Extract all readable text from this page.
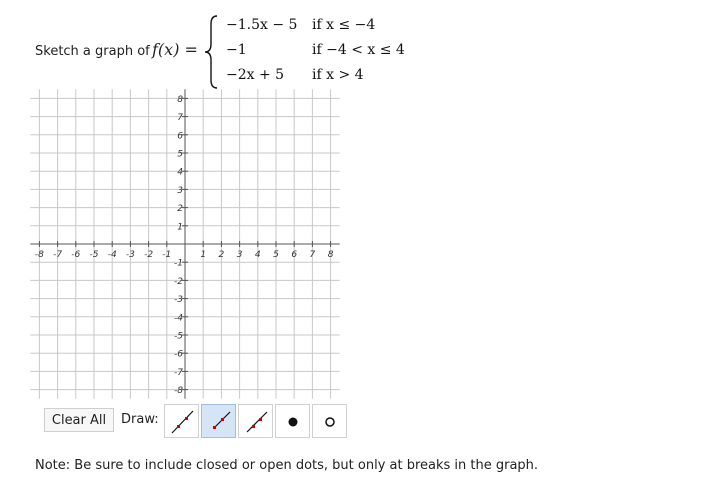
Sketch a graph of f(x) =
−1.5x − 5 if x ≤ −4
−1	if −4 < x ≤ 4
−2x + 5 if x > 4
-8 -7 -6 -5 -4 -3 -2 -1	1 2 3 4 5 6 7 8
8
7
6
5
4
3
2
1
-1
-2
-3
-4
-5
-6
-7
-8
Clear All	Draw:
Note: Be sure to include closed or open dots, but only at breaks in the graph.
